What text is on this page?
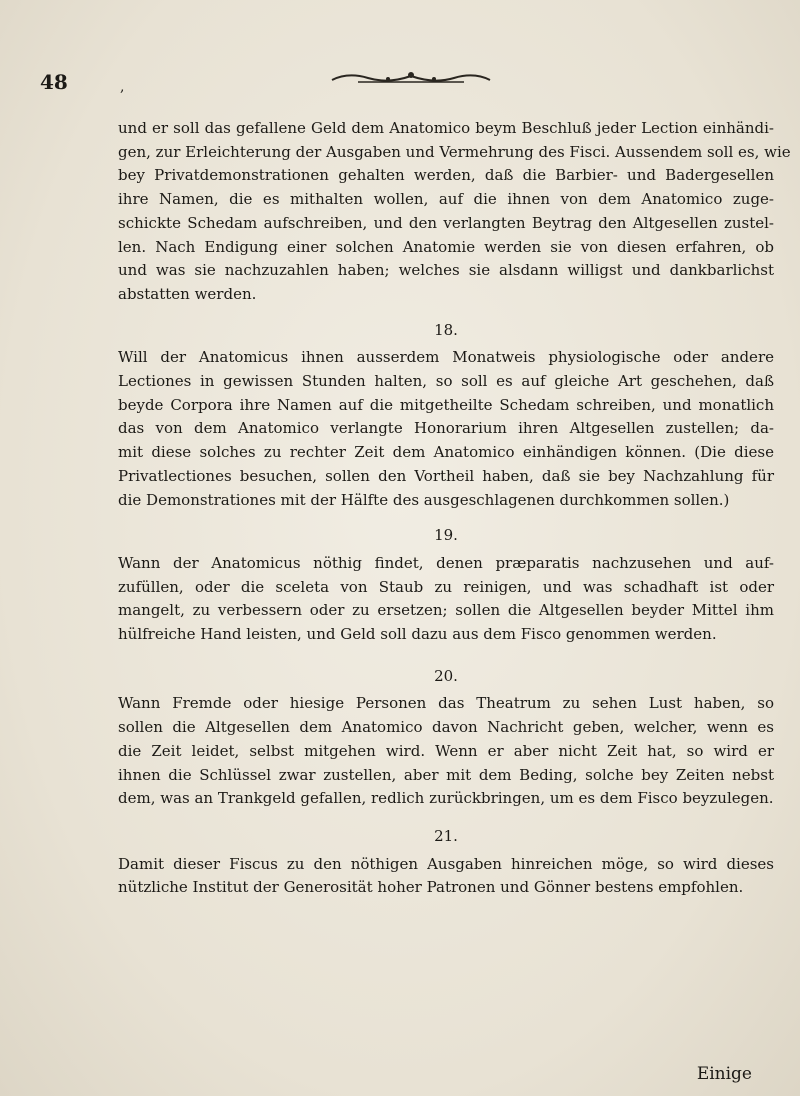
48	,
und er soll das gefallene Geld dem Anatomico beym Beschluß jeder Lection einhändi-
gen, zur Erleichterung der Ausgaben und Vermehrung des Fisci. Aussendem soll es, wie
bey Privatdemonstrationen gehalten werden, daß die Barbier- und Badergesellen
ihre Namen, die es mithalten wollen, auf die ihnen von dem Anatomico zuge-
schickte Schedam aufschreiben, und den verlangten Beytrag den Altgesellen zustel-
len. Nach Endigung einer solchen Anatomie werden sie von diesen erfahren, ob
und was sie nachzuzahlen haben; welches sie alsdann willigst und dankbarlichst
abstatten werden.
18.
Will der Anatomicus ihnen ausserdem Monatweis physiologische oder andere
Lectiones in gewissen Stunden halten, so soll es auf gleiche Art geschehen, daß
beyde Corpora ihre Namen auf die mitgetheilte Schedam schreiben, und monatlich
das von dem Anatomico verlangte Honorarium ihren Altgesellen zustellen; da-
mit diese solches zu rechter Zeit dem Anatomico einhändigen können. (Die diese
Privatlectiones besuchen, sollen den Vortheil haben, daß sie bey Nachzahlung für
die Demonstrationes mit der Hälfte des ausgeschlagenen durchkommen sollen.)
19.
Wann der Anatomicus nöthig findet, denen præparatis nachzusehen und auf-
zufüllen, oder die sceleta von Staub zu reinigen, und was schadhaft ist oder
mangelt, zu verbessern oder zu ersetzen; sollen die Altgesellen beyder Mittel ihm
hülfreiche Hand leisten, und Geld soll dazu aus dem Fisco genommen werden.
20.
Wann Fremde oder hiesige Personen das Theatrum zu sehen Lust haben, so
sollen die Altgesellen dem Anatomico davon Nachricht geben, welcher, wenn es
die Zeit leidet, selbst mitgehen wird. Wenn er aber nicht Zeit hat, so wird er
ihnen die Schlüssel zwar zustellen, aber mit dem Beding, solche bey Zeiten nebst
dem, was an Trankgeld gefallen, redlich zurückbringen, um es dem Fisco beyzulegen.
21.
Damit dieser Fiscus zu den nöthigen Ausgaben hinreichen möge, so wird dieses
nützliche Institut der Generosität hoher Patronen und Gönner bestens empfohlen.
Einige
